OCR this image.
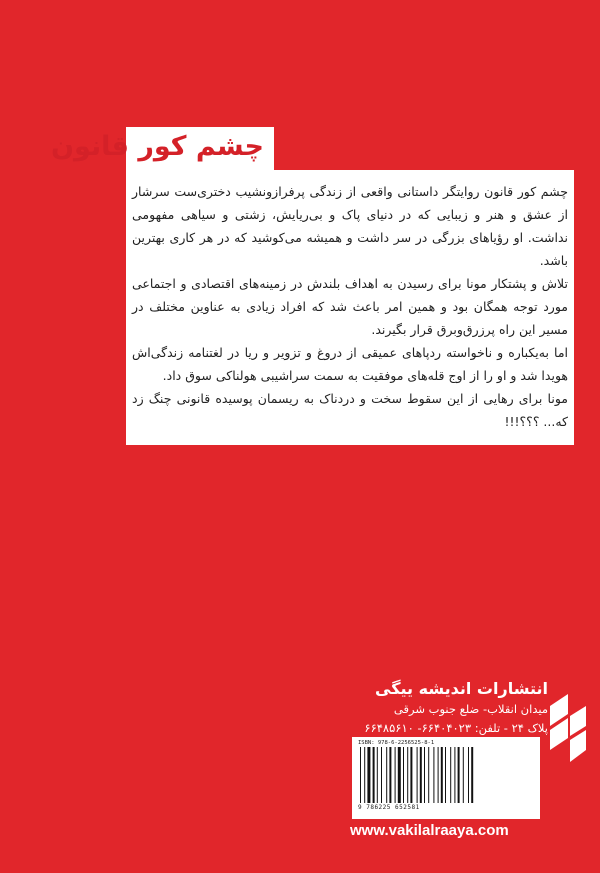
چشم کور قانون

چشم کور قانون روایتگر داستانی واقعی از زندگی پرفرازونشیب دختری‌ست سرشار از عشق و هنر و زیبایی که در دنیای پاک و بی‌ریایش، زشتی و سیاهی مفهومی نداشت. او رؤیاهای بزرگی در سر داشت و همیشه می‌کوشید که در هر کاری بهترین باشد.

تلاش و پشتکار مونا برای رسیدن به اهداف بلندش در زمینه‌های اقتصادی و اجتماعی مورد توجه همگان بود و همین امر باعث شد که افراد زیادی به عناوین مختلف در مسیر این راه پرزرق‌وبرق قرار بگیرند.

اما به‌یکباره و ناخواسته ردپاهای عمیقی از دروغ و تزویر و ریا در لغتنامه زندگی‌اش هویدا شد و او را از اوج قله‌های موفقیت به سمت سراشیبی هولناکی سوق داد.

مونا برای رهایی از این سقوط سخت و دردناک به ریسمان پوسیده قانونی چنگ زد که... ؟؟؟!!!

انتشارات اندیشه ییگی
میدان انقلاب- ضلع جنوب شرقی
پلاک ۲۴ - تلفن: ۶۶۴۰۴۰۲۳- ۶۶۴۸۵۶۱۰
ISBN: 978-6-2256525-8-1
9 786225 652581
www.vakilalraaya.com
